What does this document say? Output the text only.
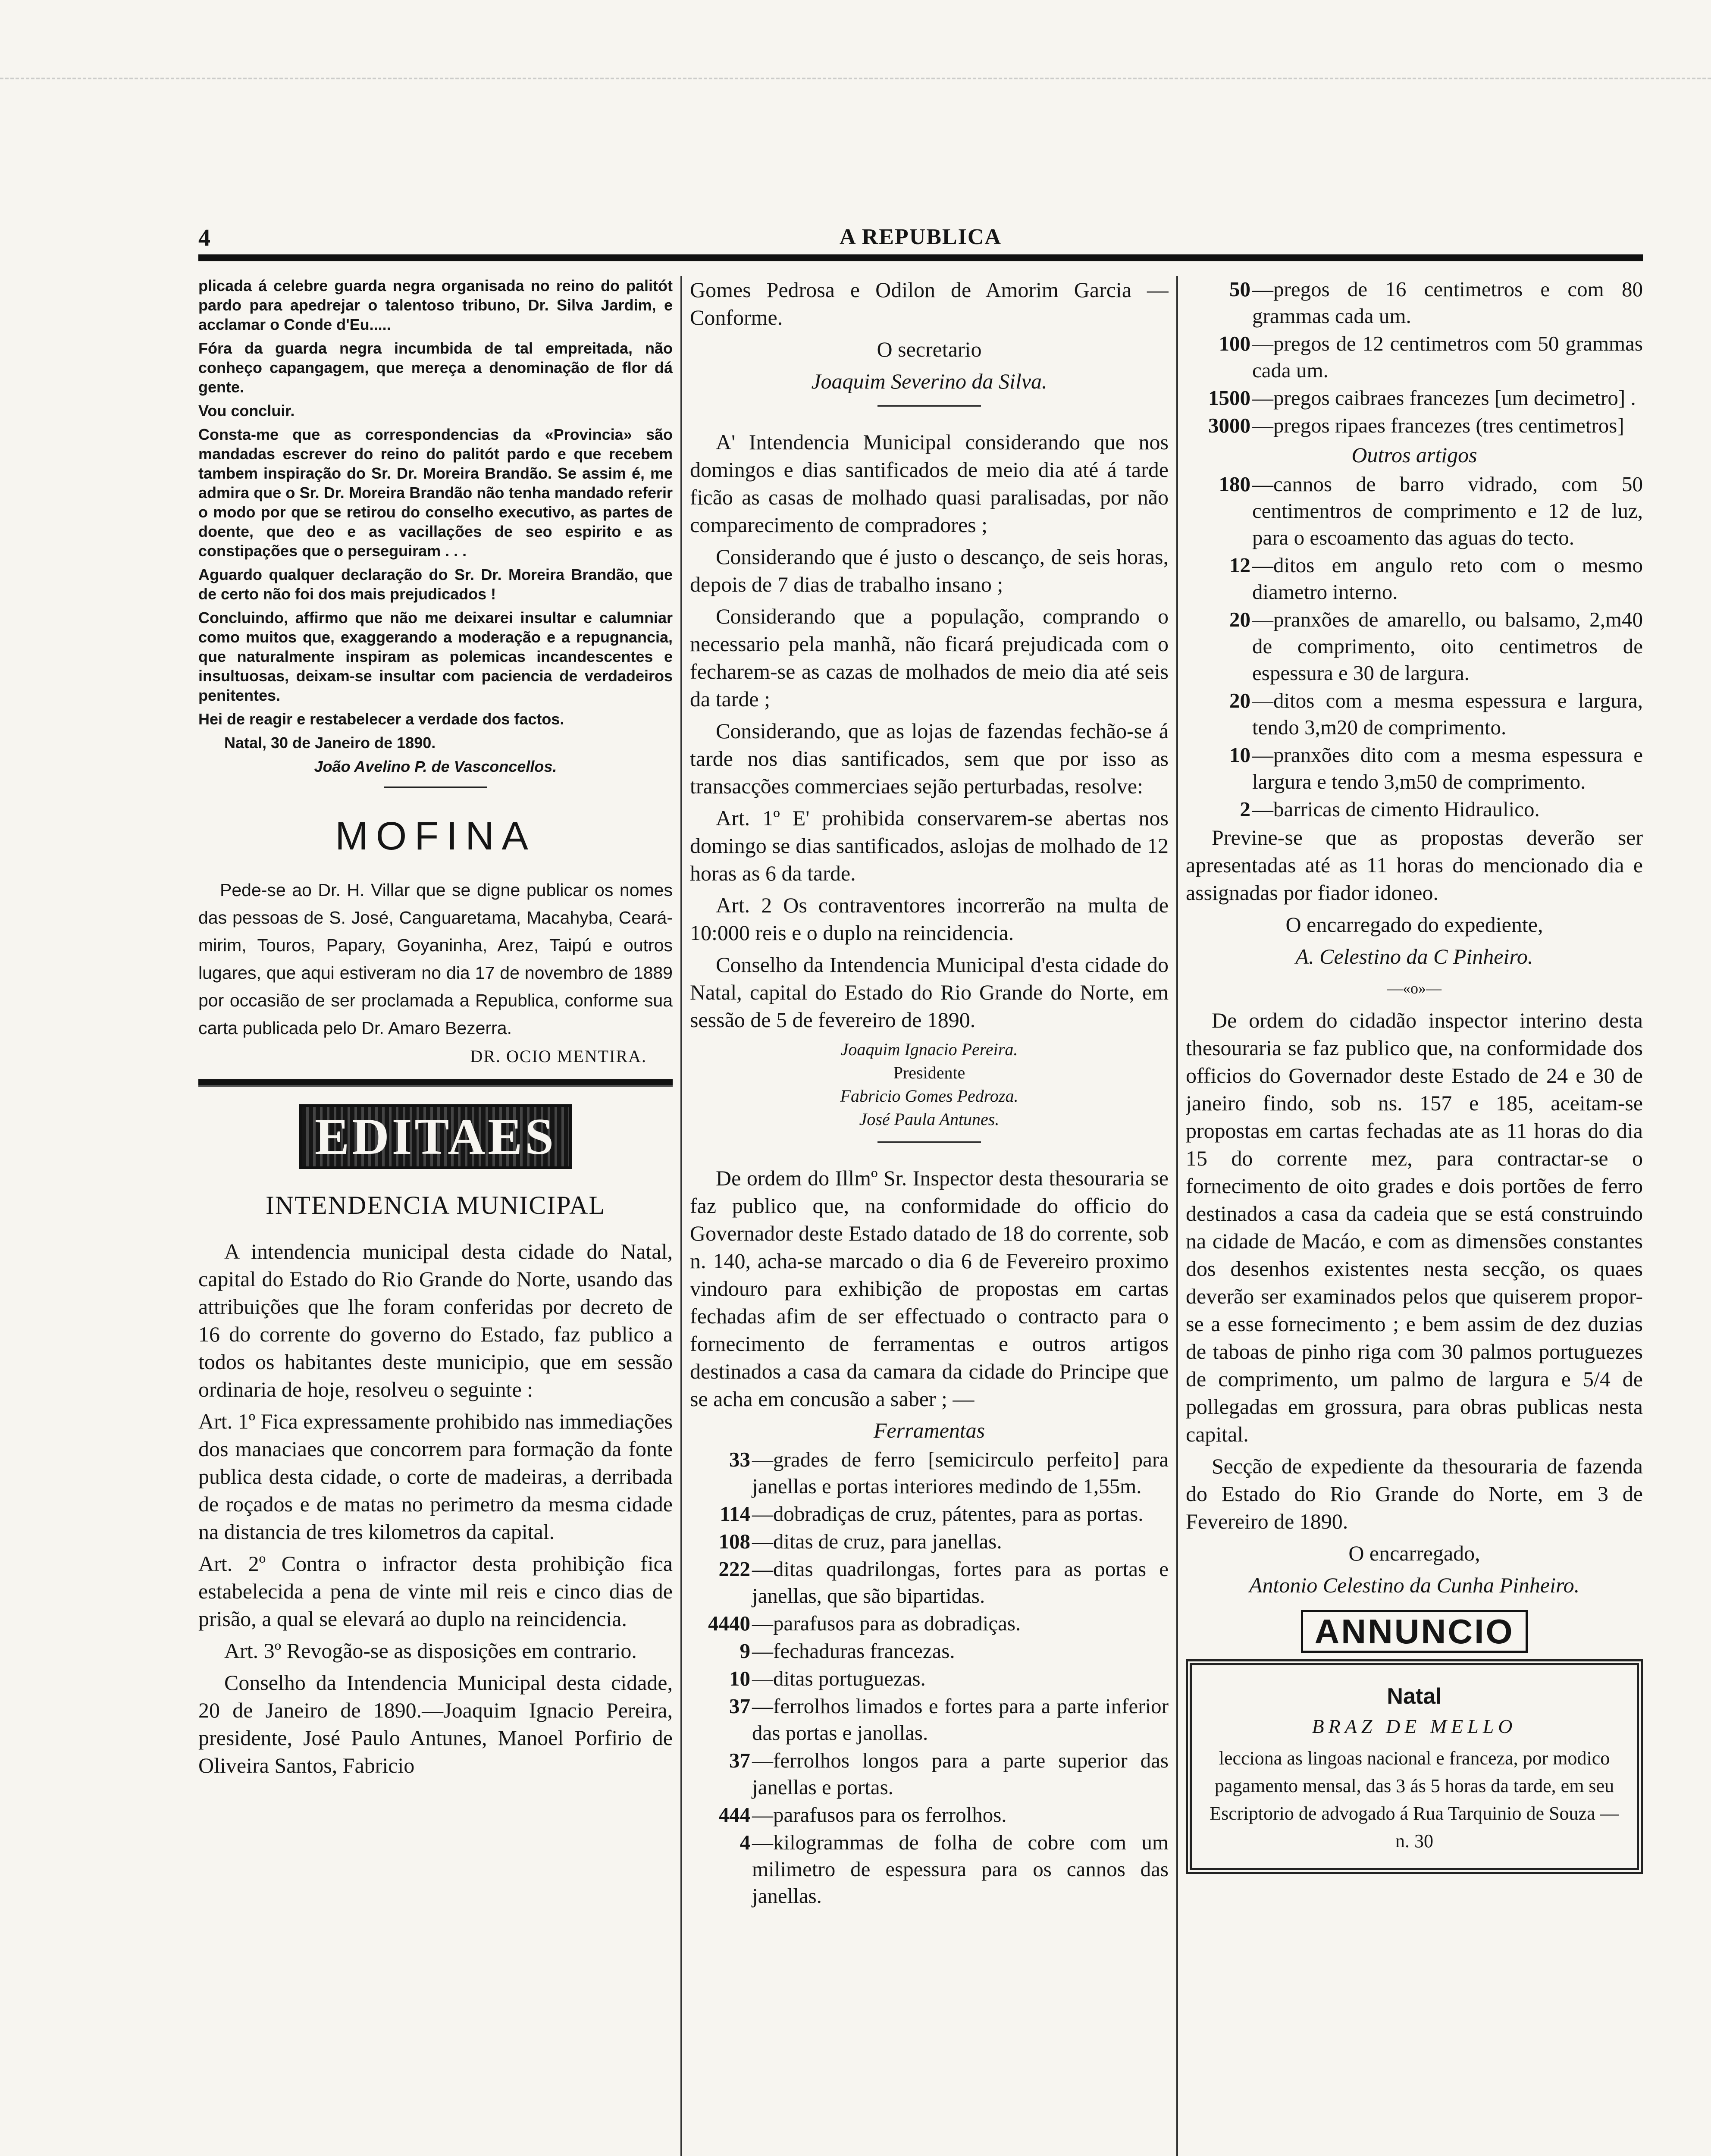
4	A REPUBLICA

plicada á celebre guarda negra organisada no reino do palitót pardo para apedrejar o talentoso tribuno, Dr. Silva Jardim, e acclamar o Conde d'Eu.....

Fóra da guarda negra incumbida de tal empreitada, não conheço capangagem, que mereça a denominação de flor dá gente.

Vou concluir.

Consta-me que as correspondencias da «Provincia» são mandadas escrever do reino do palitót pardo e que recebem tambem inspiração do Sr. Dr. Moreira Brandão. Se assim é, me admira que o Sr. Dr. Moreira Brandão não tenha mandado referir o modo por que se retirou do conselho executivo, as partes de doente, que deo e as vacillações de seo espirito e as constipações que o perseguiram . . .

Aguardo qualquer declaração do Sr. Dr. Moreira Brandão, que de certo não foi dos mais prejudicados !

Concluindo, affirmo que não me deixarei insultar e calumniar como muitos que, exaggerando a moderação e a repugnancia, que naturalmente inspiram as polemicas incandescentes e insultuosas, deixam-se insultar com paciencia de verdadeiros penitentes.

Hei de reagir e restabelecer a verdade dos factos.

Natal, 30 de Janeiro de 1890.

João Avelino P. de Vasconcellos.

MOFINA

Pede-se ao Dr. H. Villar que se digne publicar os nomes das pessoas de S. José, Canguaretama, Macahyba, Ceará-mirim, Touros, Papary, Goyaninha, Arez, Taipú e outros lugares, que aqui estiveram no dia 17 de novembro de 1889 por occasião de ser proclamada a Republica, conforme sua carta publicada pelo Dr. Amaro Bezerra.

DR. OCIO MENTIRA.

EDITAES
INTENDENCIA MUNICIPAL

A intendencia municipal desta cidade do Natal, capital do Estado do Rio Grande do Norte, usando das attribuições que lhe foram conferidas por decreto de 16 do corrente do governo do Estado, faz publico a todos os habitantes deste municipio, que em sessão ordinaria de hoje, resolveu o seguinte :

Art. 1º Fica expressamente prohibido nas immediações dos manaciaes que concorrem para formação da fonte publica desta cidade, o corte de madeiras, a derribada de roçados e de matas no perimetro da mesma cidade na distancia de tres kilometros da capital.

Art. 2º Contra o infractor desta prohibição fica estabelecida a pena de vinte mil reis e cinco dias de prisão, a qual se elevará ao duplo na reincidencia.

Art. 3º Revogão-se as disposições em contrario.

Conselho da Intendencia Municipal desta cidade, 20 de Janeiro de 1890.—Joaquim Ignacio Pereira, presidente, José Paulo Antunes, Manoel Porfirio de Oliveira Santos, Fabricio

Gomes Pedrosa e Odilon de Amorim Garcia —Conforme.

O secretario

Joaquim Severino da Silva.

A' Intendencia Municipal considerando que nos domingos e dias santificados de meio dia até á tarde ficão as casas de molhado quasi paralisadas, por não comparecimento de compradores ;

Considerando que é justo o descanço, de seis horas, depois de 7 dias de trabalho insano ;

Considerando que a população, comprando o necessario pela manhã, não ficará prejudicada com o fecharem-se as cazas de molhados de meio dia até seis da tarde ;

Considerando, que as lojas de fazendas fechão-se á tarde nos dias santificados, sem que por isso as transacções commerciaes sejão perturbadas, resolve:

Art. 1º E' prohibida conservarem-se abertas nos domingo se dias santificados, aslojas de molhado de 12 horas as 6 da tarde.

Art. 2 Os contraventores incorrerão na multa de 10:000 reis e o duplo na reincidencia.

Conselho da Intendencia Municipal d'esta cidade do Natal, capital do Estado do Rio Grande do Norte, em sessão de 5 de fevereiro de 1890.

Joaquim Ignacio Pereira.
Presidente
Fabricio Gomes Pedroza.
José Paula Antunes.

De ordem do Illmº Sr. Inspector desta thesouraria se faz publico que, na conformidade do officio do Governador deste Estado datado de 18 do corrente, sob n. 140, acha-se marcado o dia 6 de Fevereiro proximo vindouro para exhibição de propostas em cartas fechadas afim de ser effectuado o contracto para o fornecimento de ferramentas e outros artigos destinados a casa da camara da cidade do Principe que se acha em concusão a saber ; —

Ferramentas
33 —grades de ferro [semicirculo perfeito] para janellas e portas interiores medindo de 1,55m.
114 —dobradiças de cruz, pátentes, para as portas.
108 —ditas de cruz, para janellas.
222 —ditas quadrilongas, fortes para as portas e janellas, que são bipartidas.
4440 —parafusos para as dobradiças.
9 —fechaduras francezas.
10 —ditas portuguezas.
37 —ferrolhos limados e fortes para a parte inferior das portas e janollas.
37 —ferrolhos longos para a parte superior das janellas e portas.
444 —parafusos para os ferrolhos.
4 —kilogrammas de folha de cobre com um milimetro de espessura para os cannos das janellas.
50 —pregos de 16 centimetros e com 80 grammas cada um.
100 —pregos de 12 centimetros com 50 grammas cada um.
1500 —pregos caibraes francezes [um decimetro] .
3000 —pregos ripaes francezes (tres centimetros]
Outros artigos
180 —cannos de barro vidrado, com 50 centimentros de comprimento e 12 de luz, para o escoamento das aguas do tecto.
12 —ditos em angulo reto com o mesmo diametro interno.
20 —pranxões de amarello, ou balsamo, 2,m40 de comprimento, oito centimetros de espessura e 30 de largura.
20 —ditos com a mesma espessura e largura, tendo 3,m20 de comprimento.
10 —pranxões dito com a mesma espessura e largura e tendo 3,m50 de comprimento.
2 —barricas de cimento Hidraulico.

Previne-se que as propostas deverão ser apresentadas até as 11 horas do mencionado dia e assignadas por fiador idoneo.

O encarregado do expediente,

A. Celestino da C Pinheiro.

—«o»—

De ordem do cidadão inspector interino desta thesouraria se faz publico que, na conformidade dos officios do Governador deste Estado de 24 e 30 de janeiro findo, sob ns. 157 e 185, aceitam-se propostas em cartas fechadas ate as 11 horas do dia 15 do corrente mez, para contractar-se o fornecimento de oito grades e dois portões de ferro destinados a casa da cadeia que se está construindo na cidade de Macáo, e com as dimensões constantes dos desenhos existentes nesta secção, os quaes deverão ser examinados pelos que quiserem propor-se a esse fornecimento ; e bem assim de dez duzias de taboas de pinho riga com 30 palmos portuguezes de comprimento, um palmo de largura e 5/4 de pollegadas em grossura, para obras publicas nesta capital.

Secção de expediente da thesouraria de fazenda do Estado do Rio Grande do Norte, em 3 de Fevereiro de 1890.

O encarregado,

Antonio Celestino da Cunha Pinheiro.

ANNUNCIO
Natal
BRAZ DE MELLO
lecciona as lingoas nacional e franceza, por modico pagamento mensal, das 3 ás 5 horas da tarde, em seu Escriptorio de advogado á Rua Tarquinio de Souza — n. 30
